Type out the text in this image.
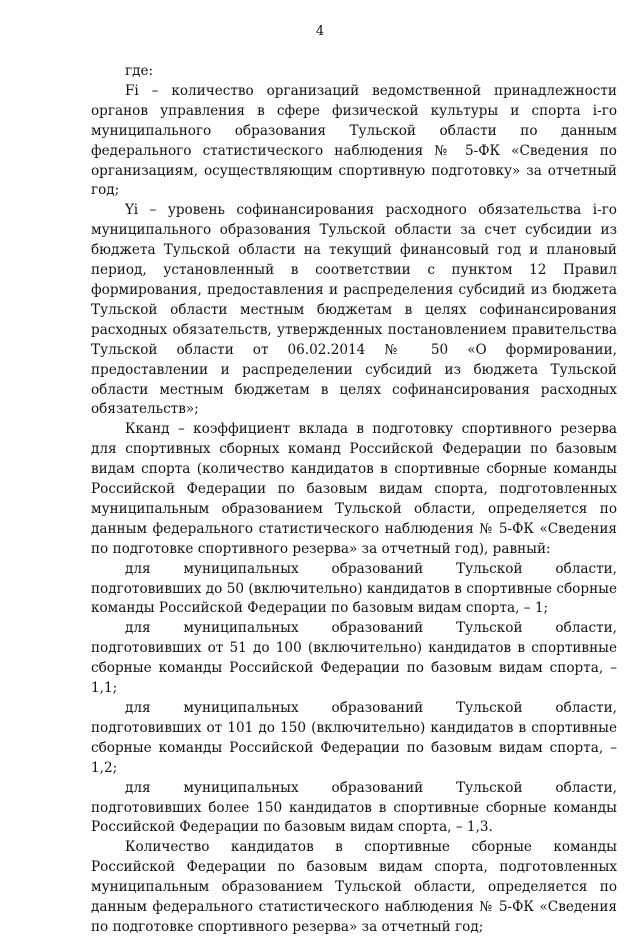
4

где:

Fi – количество организаций ведомственной принадлежности органов управления в сфере физической культуры и спорта i-го муниципального образования Тульской области по данным федерального статистического наблюдения № 5-ФК «Сведения по организациям, осуществляющим спортивную подготовку» за отчетный год;

Yi – уровень софинансирования расходного обязательства i-го муниципального образования Тульской области за счет субсидии из бюджета Тульской области на текущий финансовый год и плановый период, установленный в соответствии с пунктом 12 Правил формирования, предоставления и распределения субсидий из бюджета Тульской области местным бюджетам в целях софинансирования расходных обязательств, утвержденных постановлением правительства Тульской области от 06.02.2014 № 50 «О формировании, предоставлении и распределении субсидий из бюджета Тульской области местным бюджетам в целях софинансирования расходных обязательств»;

Кканд – коэффициент вклада в подготовку спортивного резерва для спортивных сборных команд Российской Федерации по базовым видам спорта (количество кандидатов в спортивные сборные команды Российской Федерации по базовым видам спорта, подготовленных муниципальным образованием Тульской области, определяется по данным федерального статистического наблюдения № 5-ФК «Сведения по подготовке спортивного резерва» за отчетный год), равный:

для муниципальных образований Тульской области, подготовивших до 50 (включительно) кандидатов в спортивные сборные команды Российской Федерации по базовым видам спорта, – 1;

для муниципальных образований Тульской области, подготовивших от 51 до 100 (включительно) кандидатов в спортивные сборные команды Российской Федерации по базовым видам спорта, – 1,1;

для муниципальных образований Тульской области, подготовивших от 101 до 150 (включительно) кандидатов в спортивные сборные команды Российской Федерации по базовым видам спорта, – 1,2;

для муниципальных образований Тульской области, подготовивших более 150 кандидатов в спортивные сборные команды Российской Федерации по базовым видам спорта, – 1,3.

Количество кандидатов в спортивные сборные команды Российской Федерации по базовым видам спорта, подготовленных муниципальным образованием Тульской области, определяется по данным федерального статистического наблюдения № 5-ФК «Сведения по подготовке спортивного резерва» за отчетный год;
